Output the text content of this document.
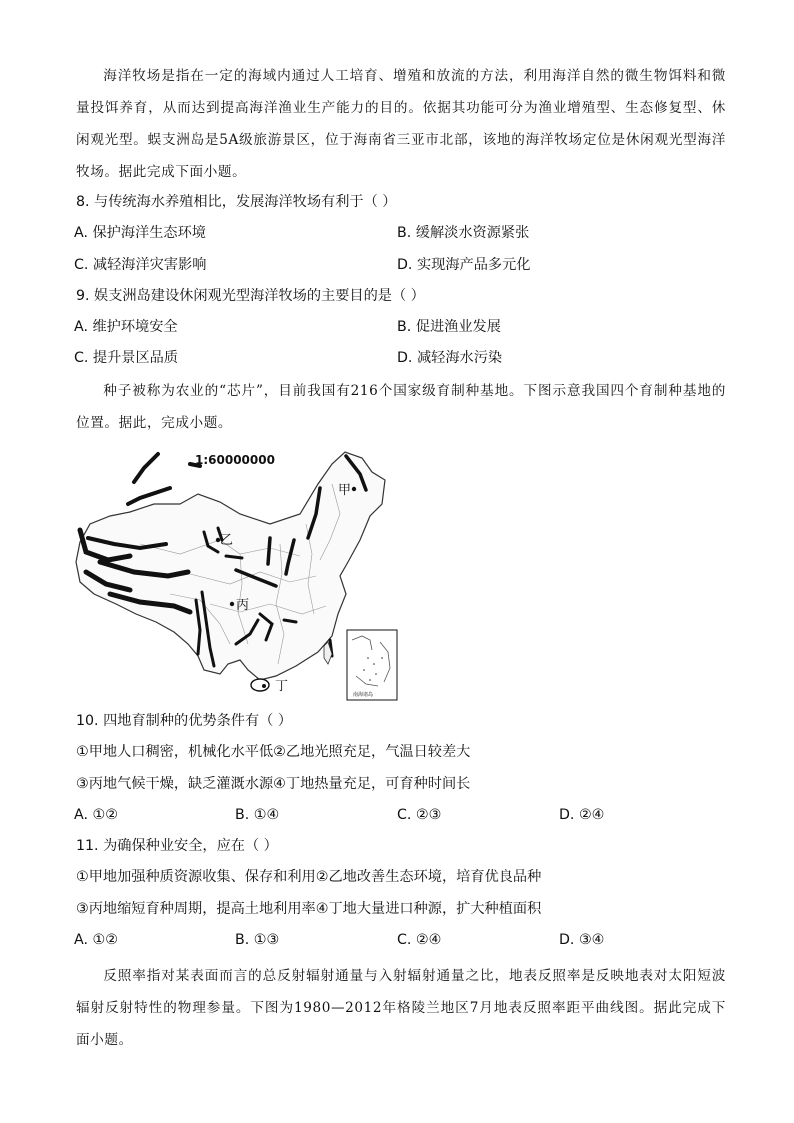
海洋牧场是指在一定的海域内通过人工培育、增殖和放流的方法，利用海洋自然的微生物饵料和微量投饵养育，从而达到提高海洋渔业生产能力的目的。依据其功能可分为渔业增殖型、生态修复型、休闲观光型。蜈支洲岛是5A级旅游景区，位于海南省三亚市北部，该地的海洋牧场定位是休闲观光型海洋牧场。据此完成下面小题。
8. 与传统海水养殖相比，发展海洋牧场有利于（ ）
A. 保护海洋生态环境	B. 缓解淡水资源紧张
C. 减轻海洋灾害影响	D. 实现海产品多元化
9. 娱支洲岛建设休闲观光型海洋牧场的主要目的是（ ）
A. 维护环境安全	B. 促进渔业发展
C. 提升景区品质	D. 减轻海水污染
种子被称为农业的“芯片”，目前我国有216个国家级育制种基地。下图示意我国四个育制种基地的位置。据此，完成小题。
1:60000000
甲
乙
丙
丁
南海诸岛
10. 四地育制种的优势条件有（ ）
①甲地人口稠密，机械化水平低②乙地光照充足，气温日较差大
③丙地气候干燥，缺乏灌溉水源④丁地热量充足，可育种时间长
A. ①②	B. ①④	C. ②③	D. ②④
11. 为确保种业安全，应在（ ）
①甲地加强种质资源收集、保存和利用②乙地改善生态环境，培育优良品种
③丙地缩短育种周期，提高土地利用率④丁地大量进口种源，扩大种植面积
A. ①②	B. ①③	C. ②④	D. ③④
反照率指对某表面而言的总反射辐射通量与入射辐射通量之比，地表反照率是反映地表对太阳短波辐射反射特性的物理参量。下图为1980—2012年格陵兰地区7月地表反照率距平曲线图。据此完成下面小题。
